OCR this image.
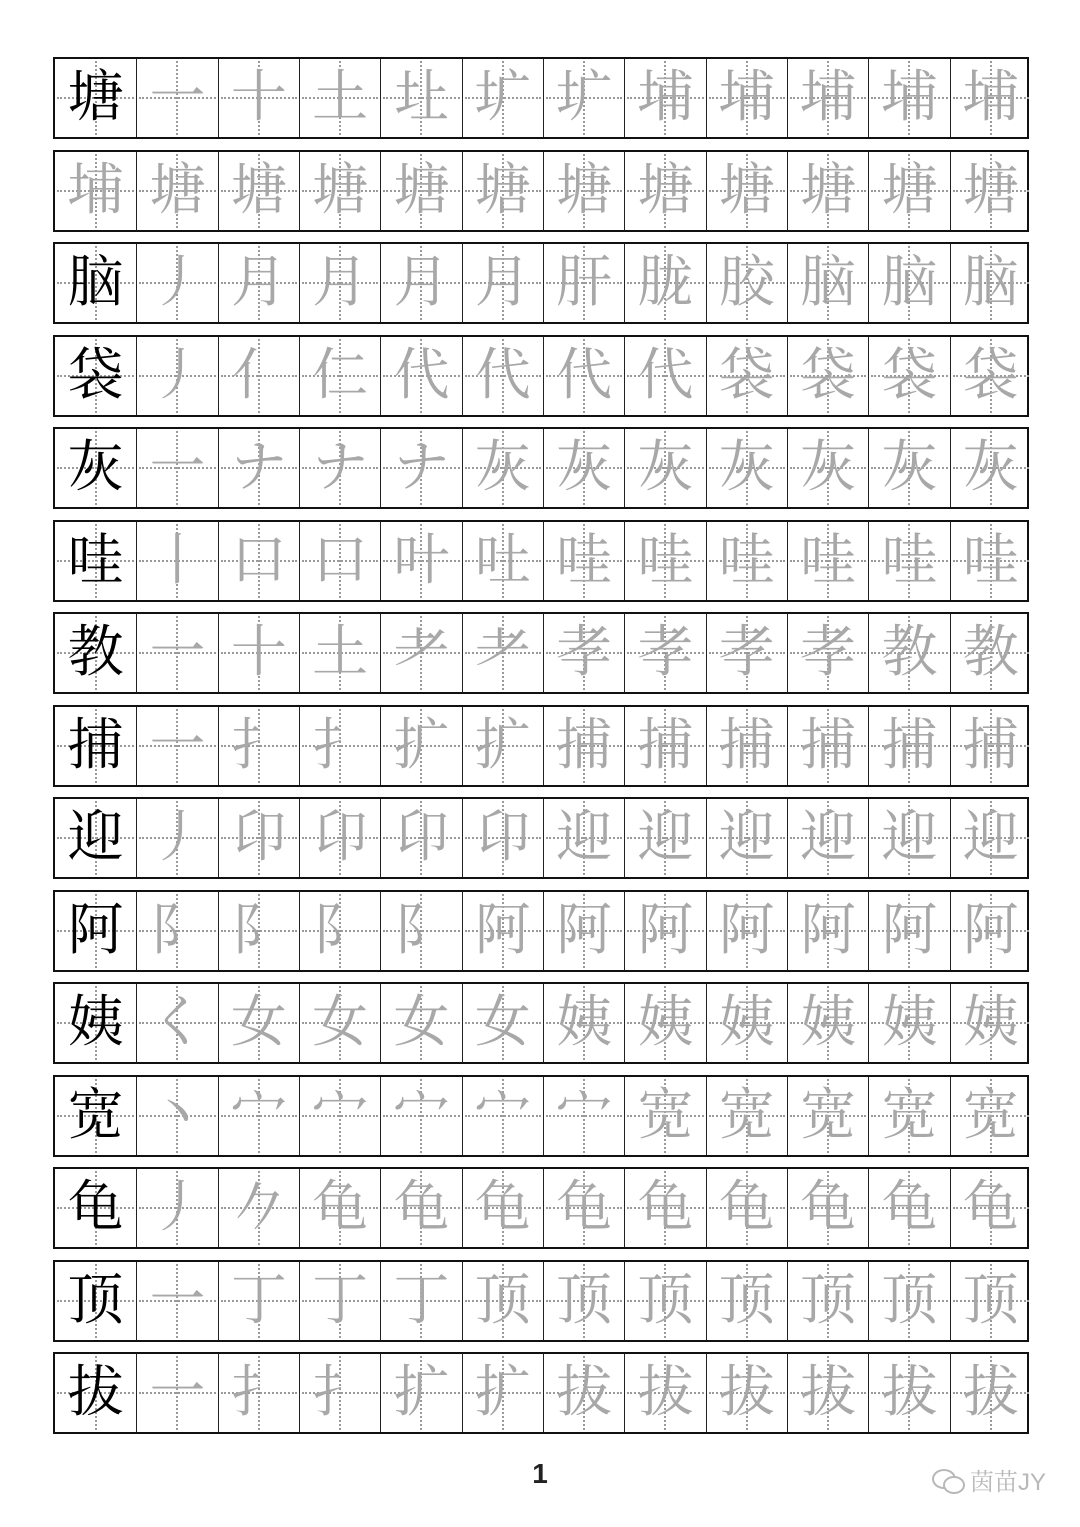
塘 一 十 土 圵 圹 圹 埔 埔 埔 埔 埔
埔 塘 塘 塘 塘 塘 塘 塘 塘 塘 塘 塘
脑 丿 月 月 月 月 肝 胧 胶 脑 脑 脑
袋 丿 亻 仁 代 代 代 代 袋 袋 袋 袋
灰 一 ナ ナ ナ 灰 灰 灰 灰 灰 灰 灰
哇 丨 口 口 叶 吐 哇 哇 哇 哇 哇 哇
教 一 十 土 耂 耂 孝 孝 孝 孝 教 教
捕 一 扌 扌 扩 扩 捕 捕 捕 捕 捕 捕
迎 丿 卬 卬 卬 卬 迎 迎 迎 迎 迎 迎
阿 阝 阝 阝 阝 阿 阿 阿 阿 阿 阿 阿
姨 く 女 女 女 女 姨 姨 姨 姨 姨 姨
宽 丶 宀 宀 宀 宀 宀 宽 宽 宽 宽 宽
龟 丿 𠂊 龟 龟 龟 龟 龟 龟 龟 龟 龟
顶 一 丁 丁 丁 顶 顶 顶 顶 顶 顶 顶
拔 一 扌 扌 扩 扩 拔 拔 拔 拔 拔 拔
1	茵苗JY
